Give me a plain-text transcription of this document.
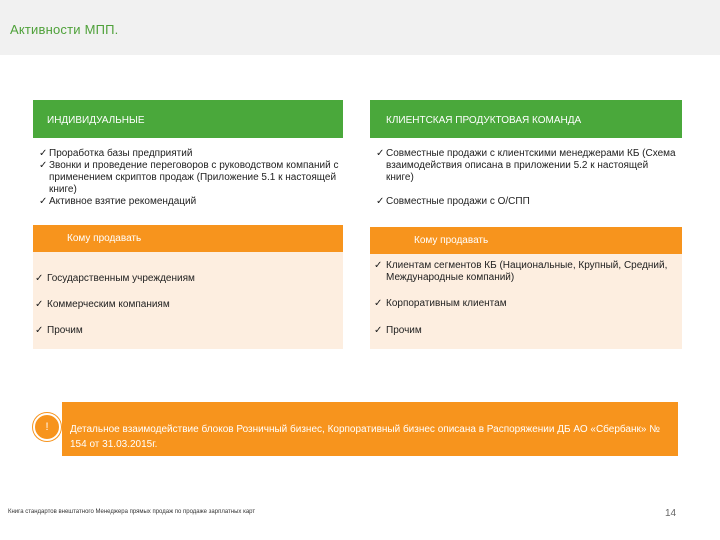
Активности МПП.
ИНДИВИДУАЛЬНЫЕ
✓ Проработка базы предприятий
✓ Звонки и проведение переговоров с руководством компаний с применением скриптов продаж (Приложение 5.1 к настоящей книге)
✓ Активное взятие рекомендаций
КЛИЕНТСКАЯ ПРОДУКТОВАЯ КОМАНДА
✓ Совместные продажи с клиентскими менеджерами КБ (Схема взаимодействия описана в приложении 5.2 к настоящей книге)
✓ Совместные продажи с О/СПП
Кому продавать	Кому продавать
✓ Государственным учреждениям
✓ Коммерческим компаниям
✓ Прочим
✓ Клиентам сегментов КБ (Национальные, Крупный, Средний, Международные компаний)
✓ Корпоративным клиентам
✓ Прочим
Детальное взаимодействие блоков Розничный бизнес, Корпоративный бизнес описана в Распоряжении ДБ АО «Сбербанк» № 154 от 31.03.2015г.
!
Книга стандартов внештатного Менеджера прямых продаж по продаже зарплатных карт	14
